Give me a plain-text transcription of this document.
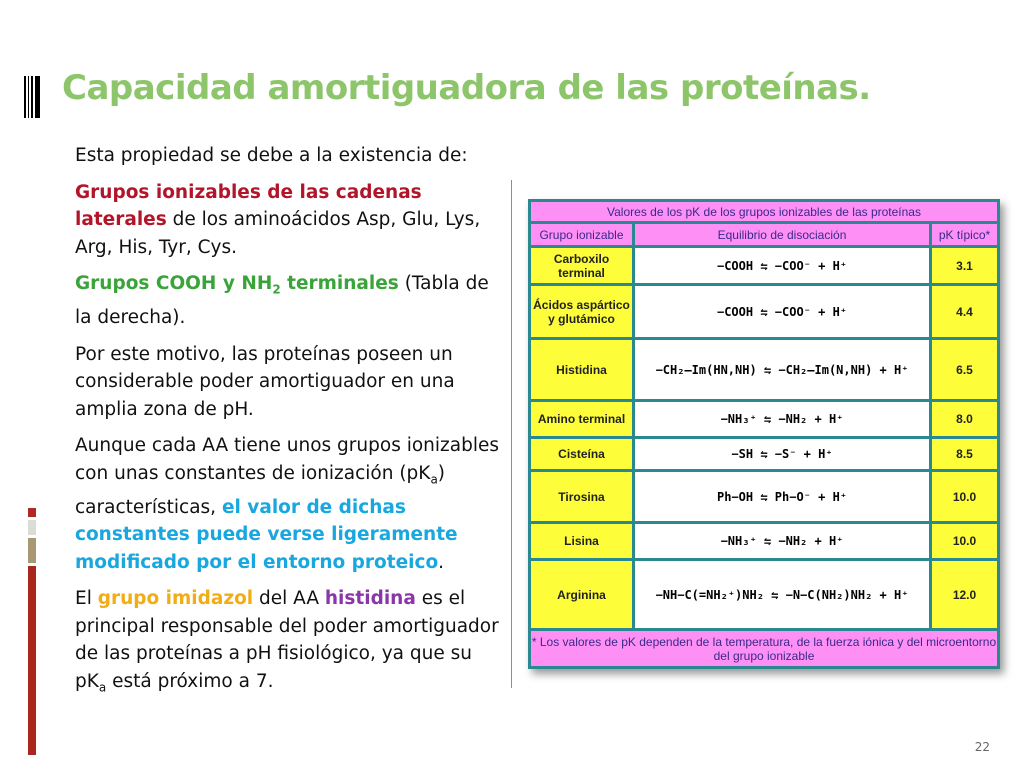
Capacidad amortiguadora de las proteínas.

Esta propiedad se debe a la existencia de:

Grupos ionizables de las cadenas laterales de los aminoácidos Asp, Glu, Lys, Arg, His, Tyr, Cys.

Grupos COOH y $NH_2$ terminales (Tabla de la derecha).

Por este motivo, las proteínas poseen un considerable poder amortiguador en una amplia zona de pH.

Aunque cada AA tiene unos grupos ionizables con unas constantes de ionización $(pK_a)$ características, el valor de dichas constantes puede verse ligeramente modificado por el entorno proteico.

El grupo imidazol del AA histidina es el principal responsable del poder amortiguador de las proteínas a pH fisiológico, ya que su $pK_a$ está próximo a 7.

Valores de los pK de los grupos ionizables de las proteínas		
Grupo ionizable	Equilibrio de disociación	pK típico*
Carboxilo terminal	−COOH ⇋ −COO⁻ + H⁺	3.1
Ácidos aspártico y glutámico	−COOH ⇋ −COO⁻ + H⁺	4.4
Histidina	−CH₂–Im(HN,NH) ⇋ −CH₂–Im(N,NH) + H⁺	6.5
Amino terminal	−NH₃⁺ ⇋ −NH₂ + H⁺	8.0
Cisteína	−SH ⇋ −S⁻ + H⁺	8.5
Tirosina	Ph−OH ⇋ Ph−O⁻ + H⁺	10.0
Lisina	−NH₃⁺ ⇋ −NH₂ + H⁺	10.0
Arginina	−NH−C(=NH₂⁺)NH₂ ⇋ −N−C(NH₂)NH₂ + H⁺	12.0
* Los valores de pK dependen de la temperatura, de la fuerza iónica y del microentorno del grupo ionizable		
22
